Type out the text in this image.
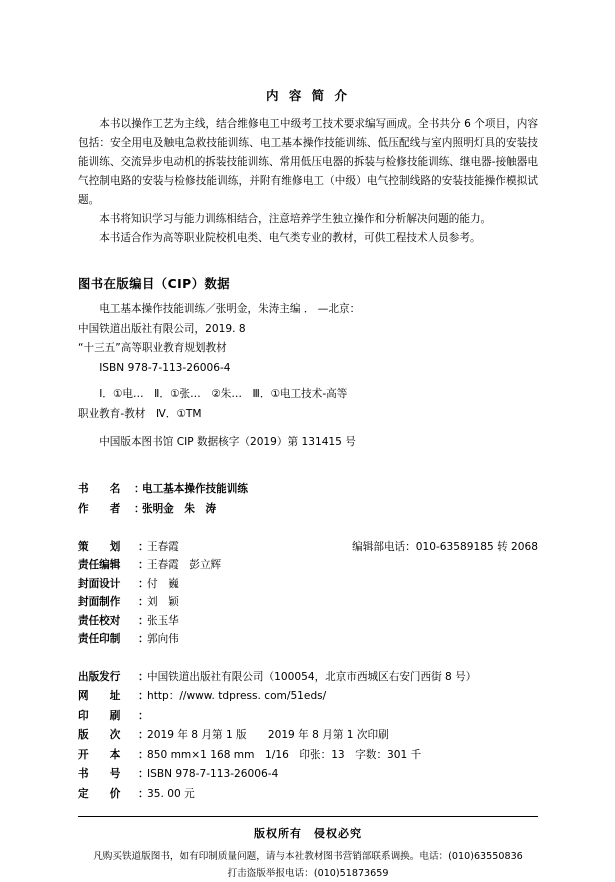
内 容 简 介

本书以操作工艺为主线，结合维修电工中级考工技术要求编写画成。全书共分 6 个项目，内容包括：安全用电及触电急救技能训练、电工基本操作技能训练、低压配线与室内照明灯具的安装技能训练、交流异步电动机的拆装技能训练、常用低压电器的拆装与检修技能训练、继电器-接触器电气控制电路的安装与检修技能训练，并附有维修电工（中级）电气控制线路的安装技能操作模拟试题。

本书将知识学习与能力训练相结合，注意培养学生独立操作和分析解决问题的能力。

本书适合作为高等职业院校机电类、电气类专业的教材，可供工程技术人员参考。

图书在版编目（CIP）数据
电工基本操作技能训练／张明金，朱涛主编 ． —北京：
中国铁道出版社有限公司，2019. 8
“十三五”高等职业教育规划教材
ISBN 978-7-113-26006-4
Ⅰ．①电…　Ⅱ．①张…　②朱…　Ⅲ．①电工技术-高等
职业教育-教材　Ⅳ．①TM
中国版本图书馆 CIP 数据核字（2019）第 131415 号
书　　名	：
电工基本操作技能训练
作　　者	：
张明金　朱　涛
编辑部电话：010-63589185 转 2068
策　　划	：
王春霞
责任编辑	：
王春霞　彭立辉
封面设计	：
付　巍
封面制作	：
刘　颖
责任校对	：
张玉华
责任印制	：
郭向伟
出版发行	：
中国铁道出版社有限公司（100054，北京市西城区右安门西街 8 号）
网　　址	：
http：//www. tdpress. com/51eds/
印　　刷	：
版　　次	：
2019 年 8 月第 1 版　　2019 年 8 月第 1 次印刷
开　　本	：
850 mm×1 168 mm　1/16　印张：13　字数：301 千
书　　号	：
ISBN 978-7-113-26006-4
定　　价	：
35. 00 元
版权所有　侵权必究
凡购买铁道版图书，如有印制质量问题，请与本社教材图书营销部联系调换。电话：(010)63550836
打击盗版举报电话：(010)51873659
